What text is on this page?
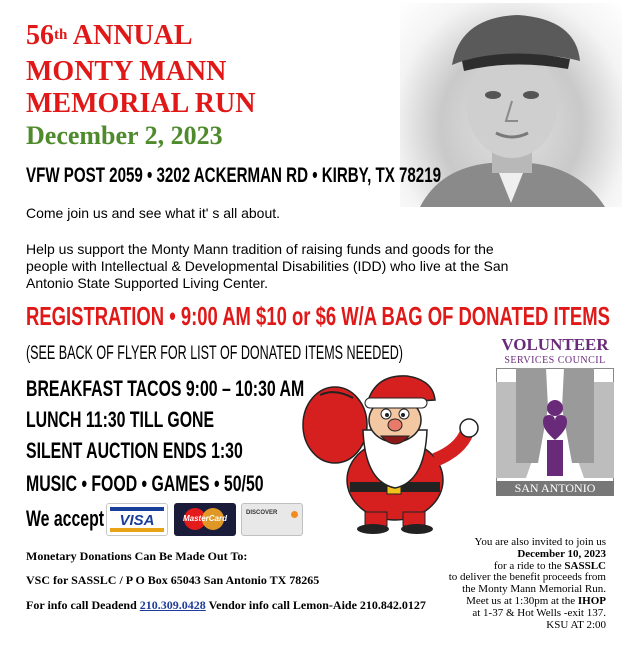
56th ANNUAL
MONTY MANN
MEMORIAL RUN
December 2, 2023
VFW POST 2059 • 3202 ACKERMAN RD • KIRBY, TX 78219
Come join us and see what it' s all about.
Help us support the Monty Mann tradition of raising funds and goods for the
people with Intellectual & Developmental Disabilities (IDD) who live at the San
Antonio State Supported Living Center.
REGISTRATION • 9:00 AM $10 or $6 W/A BAG OF DONATED ITEMS
(SEE BACK OF FLYER FOR LIST OF DONATED ITEMS NEEDED)
BREAKFAST TACOS 9:00 – 10:30 AM
LUNCH 11:30 TILL GONE
SILENT AUCTION ENDS 1:30
MUSIC • FOOD • GAMES • 50/50
We accept	VISA	MasterCard
DISCOVER
VOLUNTEER
SERVICES COUNCIL
SAN ANTONIO
Monetary Donations Can Be Made Out To:
VSC for SASSLC / P O Box 65043 San Antonio TX 78265
For info call Deadend 210.309.0428 Vendor info call Lemon-Aide 210.842.0127
You are also invited to join us
December 10, 2023
for a ride to the SASSLC
to deliver the benefit proceeds from
the Monty Mann Memorial Run.
Meet us at 1:30pm at the IHOP
at 1-37 & Hot Wells -exit 137.
KSU AT 2:00
